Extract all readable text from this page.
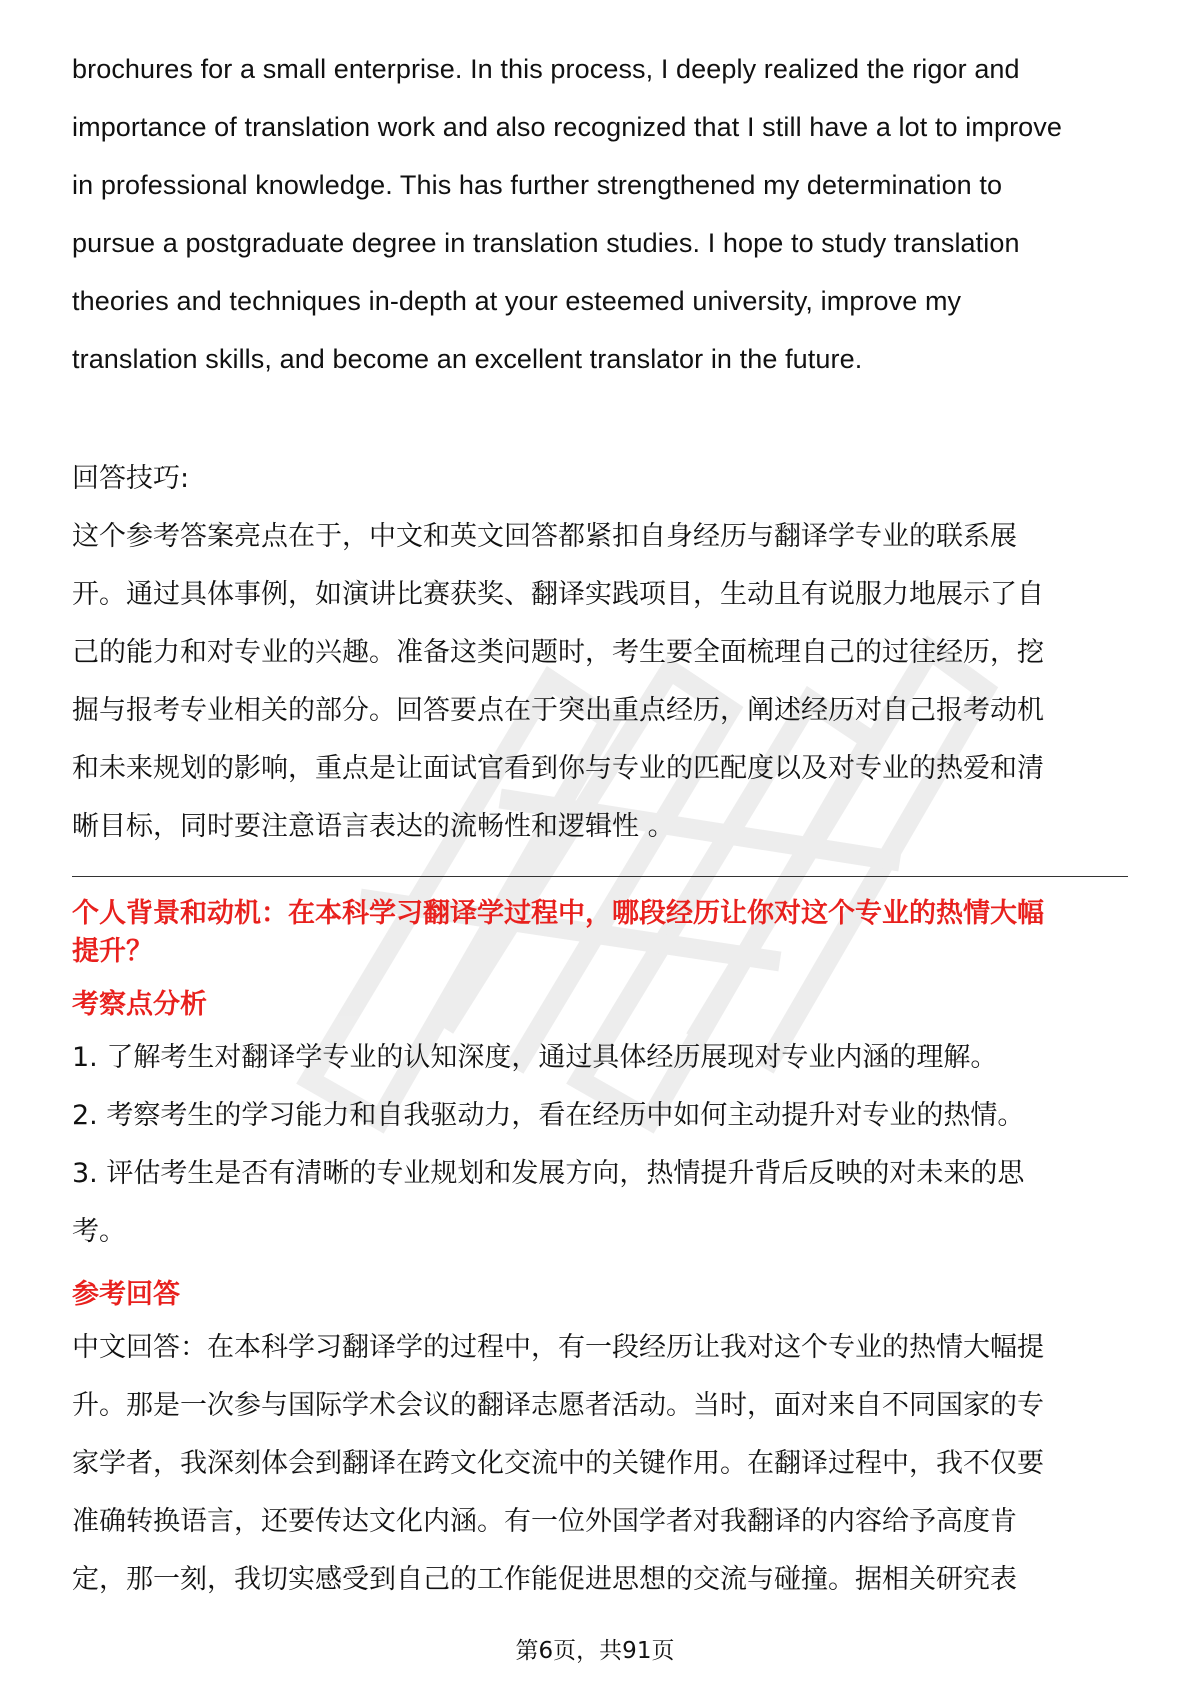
brochures for a small enterprise. In this process, I deeply realized the rigor and

importance of translation work and also recognized that I still have a lot to improve

in professional knowledge. This has further strengthened my determination to

pursue a postgraduate degree in translation studies. I hope to study translation

theories and techniques in-depth at your esteemed university, improve my

translation skills, and become an excellent translator in the future.

回答技巧:

这个参考答案亮点在于，中文和英文回答都紧扣自身经历与翻译学专业的联系展

开。通过具体事例，如演讲比赛获奖、翻译实践项目，生动且有说服力地展示了自

己的能力和对专业的兴趣。准备这类问题时，考生要全面梳理自己的过往经历，挖

掘与报考专业相关的部分。回答要点在于突出重点经历，阐述经历对自己报考动机

和未来规划的影响，重点是让面试官看到你与专业的匹配度以及对专业的热爱和清

晰目标，同时要注意语言表达的流畅性和逻辑性 。

个人背景和动机：在本科学习翻译学过程中，哪段经历让你对这个专业的热情大幅

提升？

考察点分析

1. 了解考生对翻译学专业的认知深度，通过具体经历展现对专业内涵的理解。

2. 考察考生的学习能力和自我驱动力，看在经历中如何主动提升对专业的热情。

3. 评估考生是否有清晰的专业规划和发展方向，热情提升背后反映的对未来的思

考。

参考回答

中文回答：在本科学习翻译学的过程中，有一段经历让我对这个专业的热情大幅提

升。那是一次参与国际学术会议的翻译志愿者活动。当时，面对来自不同国家的专

家学者，我深刻体会到翻译在跨文化交流中的关键作用。在翻译过程中，我不仅要

准确转换语言，还要传达文化内涵。有一位外国学者对我翻译的内容给予高度肯

定，那一刻，我切实感受到自己的工作能促进思想的交流与碰撞。据相关研究表

第6页，共91页
